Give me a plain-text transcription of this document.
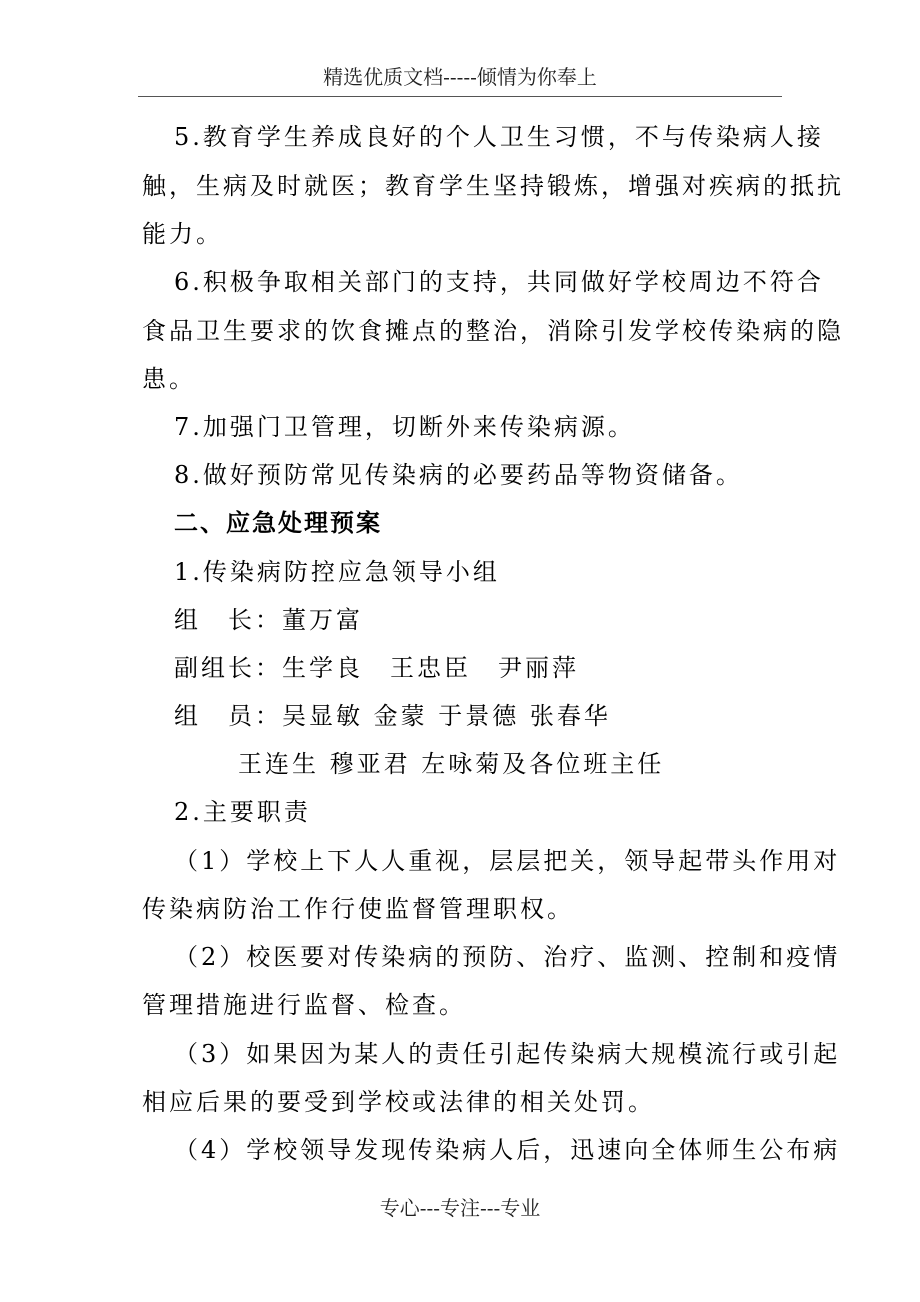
精选优质文档-----倾情为你奉上
5.教育学生养成良好的个人卫生习惯，不与传染病人接
触，生病及时就医；教育学生坚持锻炼，增强对疾病的抵抗
能力。
6.积极争取相关部门的支持，共同做好学校周边不符合
食品卫生要求的饮食摊点的整治，消除引发学校传染病的隐
患。
7.加强门卫管理，切断外来传染病源。
8.做好预防常见传染病的必要药品等物资储备。
二、应急处理预案
1.传染病防控应急领导小组
组　长：董万富
副组长：生学良　王忠臣　尹丽萍
组　员：吴显敏 金蒙 于景德 张春华
王连生 穆亚君 左咏菊及各位班主任
2.主要职责
（1）学校上下人人重视，层层把关，领导起带头作用对
传染病防治工作行使监督管理职权。
（2）校医要对传染病的预防、治疗、监测、控制和疫情
管理措施进行监督、检查。
（3）如果因为某人的责任引起传染病大规模流行或引起
相应后果的要受到学校或法律的相关处罚。
（4）学校领导发现传染病人后，迅速向全体师生公布病
专心---专注---专业
